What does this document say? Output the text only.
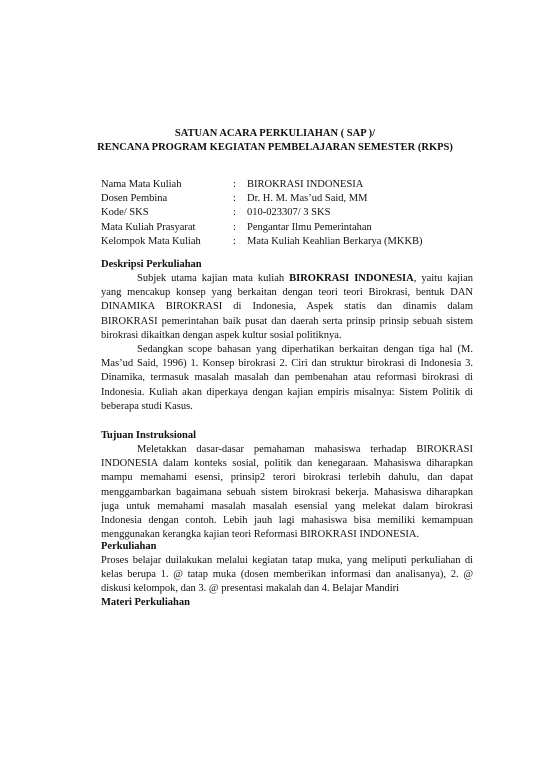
SATUAN ACARA PERKULIAHAN ( SAP )/
RENCANA PROGRAM KEGIATAN PEMBELAJARAN SEMESTER (RKPS)
Nama Mata Kuliah	:	BIROKRASI INDONESIA
Dosen Pembina	:	Dr. H. M. Mas’ud Said, MM
Kode/ SKS	:	010-023307/ 3 SKS
Mata Kuliah Prasyarat	:	Pengantar Ilmu Pemerintahan
Kelompok Mata Kuliah	:	Mata Kuliah Keahlian Berkarya (MKKB)
Deskripsi Perkuliahan
Subjek utama kajian mata kuliah BIROKRASI INDONESIA, yaitu kajian
yang mencakup konsep yang berkaitan dengan teori teori Birokrasi, bentuk DAN
DINAMIKA BIROKRASI di Indonesia, Aspek statis dan dinamis dalam
BIROKRASI pemerintahan baik pusat dan daerah serta prinsip prinsip sebuah sistem
birokrasi dikaitkan dengan aspek kultur sosial politiknya.
Sedangkan scope bahasan yang diperhatikan berkaitan dengan tiga hal (M.
Mas’ud Said, 1996) 1. Konsep birokrasi 2. Ciri dan struktur birokrasi di Indonesia 3.
Dinamika, termasuk masalah masalah dan pembenahan atau reformasi birokrasi di
Indonesia. Kuliah akan diperkaya dengan kajian empiris misalnya: Sistem Politik di
beberapa studi Kasus.
Tujuan Instruksional
Meletakkan dasar-dasar pemahaman mahasiswa terhadap BIROKRASI
INDONESIA dalam konteks sosial, politik dan kenegaraan. Mahasiswa diharapkan
mampu memahami esensi, prinsip2 terori birokrasi terlebih dahulu, dan dapat
menggambarkan bagaimana sebuah sistem birokrasi bekerja. Mahasiswa diharapkan
juga untuk memahami masalah masalah esensial yang melekat dalam birokrasi
Indonesia dengan contoh. Lebih jauh lagi mahasiswa bisa memiliki kemampuan
menggunakan kerangka kajian teori Reformasi BIROKRASI INDONESIA.
Perkuliahan
Proses belajar duilakukan melalui kegiatan tatap muka, yang meliputi perkuliahan di
kelas berupa 1. @ tatap muka (dosen memberikan informasi dan analisanya), 2. @
diskusi kelompok, dan 3. @ presentasi makalah dan 4. Belajar Mandiri
Materi Perkuliahan
